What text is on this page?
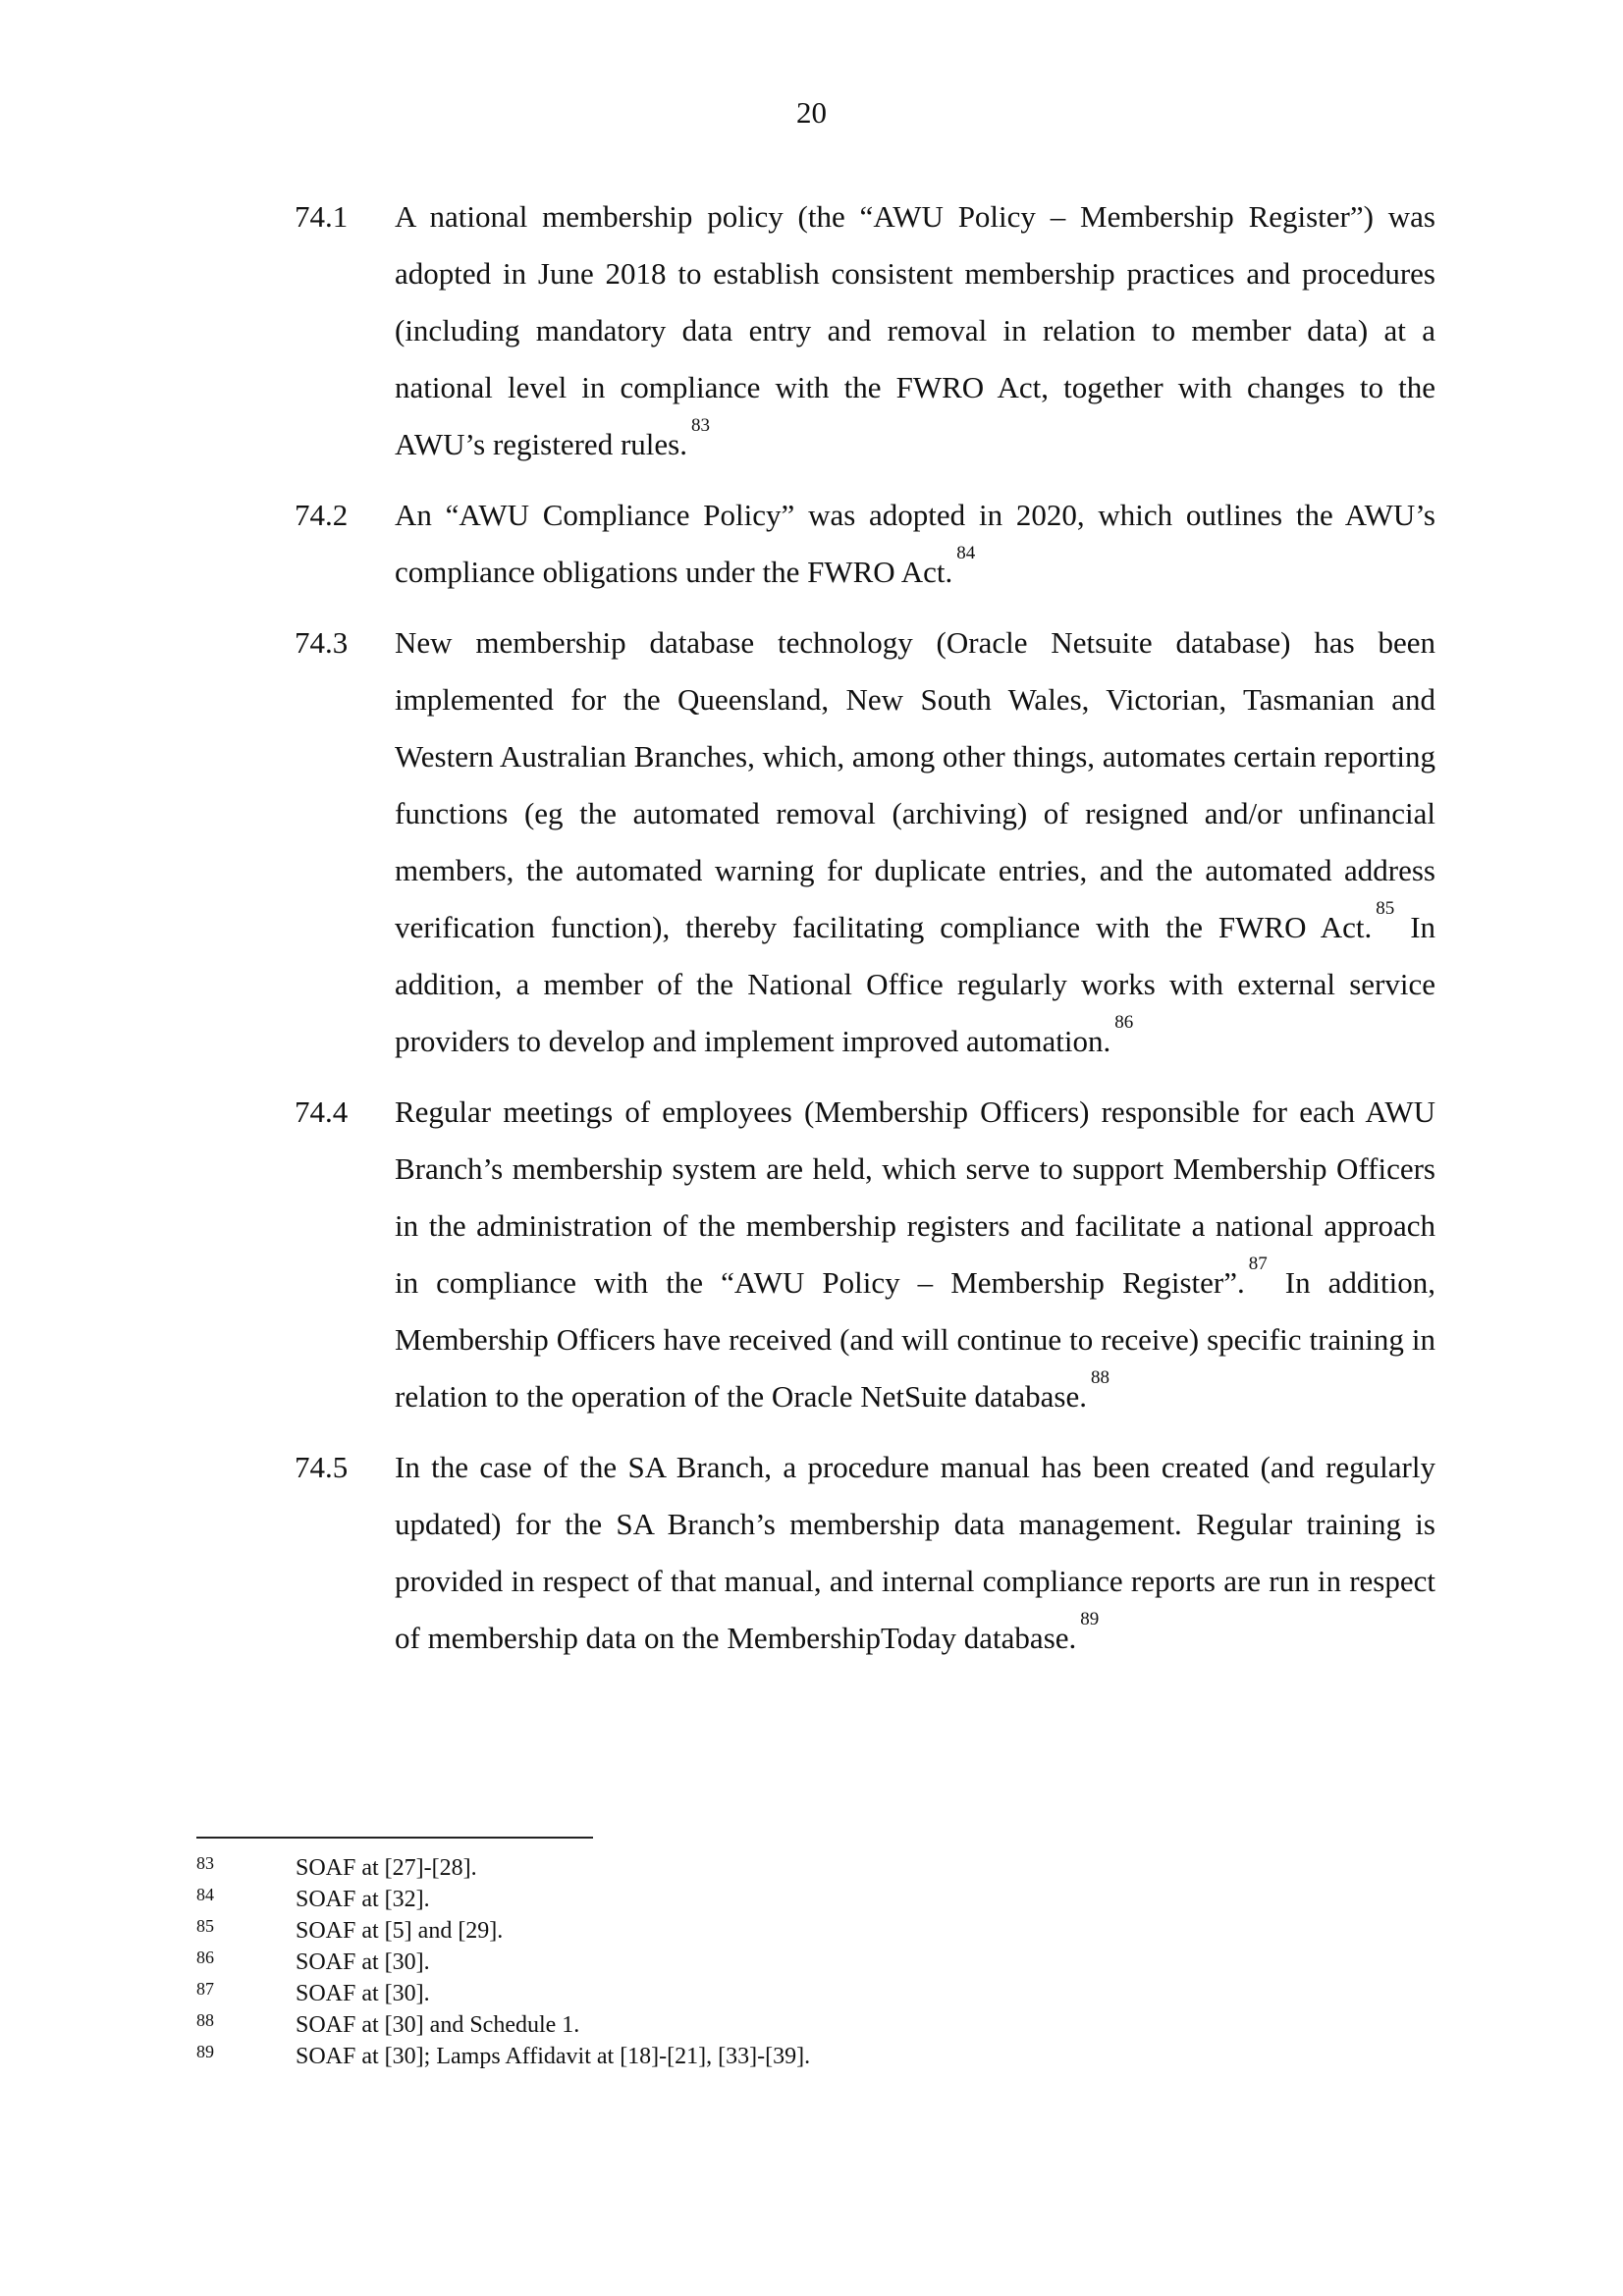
20
74.1 A national membership policy (the “AWU Policy – Membership Register”) was adopted in June 2018 to establish consistent membership practices and procedures (including mandatory data entry and removal in relation to member data) at a national level in compliance with the FWRO Act, together with changes to the AWU’s registered rules.$^{83}$
74.2 An “AWU Compliance Policy” was adopted in 2020, which outlines the AWU’s compliance obligations under the FWRO Act.$^{84}$
74.3 New membership database technology (Oracle Netsuite database) has been implemented for the Queensland, New South Wales, Victorian, Tasmanian and Western Australian Branches, which, among other things, automates certain reporting functions (eg the automated removal (archiving) of resigned and/or unfinancial members, the automated warning for duplicate entries, and the automated address verification function), thereby facilitating compliance with the FWRO Act.$^{85}$ In addition, a member of the National Office regularly works with external service providers to develop and implement improved automation.$^{86}$
74.4 Regular meetings of employees (Membership Officers) responsible for each AWU Branch’s membership system are held, which serve to support Membership Officers in the administration of the membership registers and facilitate a national approach in compliance with the “AWU Policy – Membership Register”.$^{87}$ In addition, Membership Officers have received (and will continue to receive) specific training in relation to the operation of the Oracle NetSuite database.$^{88}$
74.5 In the case of the SA Branch, a procedure manual has been created (and regularly updated) for the SA Branch’s membership data management. Regular training is provided in respect of that manual, and internal compliance reports are run in respect of membership data on the MembershipToday database.$^{89}$
83	SOAF at [27]-[28].
84	SOAF at [32].
85	SOAF at [5] and [29].
86	SOAF at [30].
87	SOAF at [30].
88	SOAF at [30] and Schedule 1.
89	SOAF at [30]; Lamps Affidavit at [18]-[21], [33]-[39].
